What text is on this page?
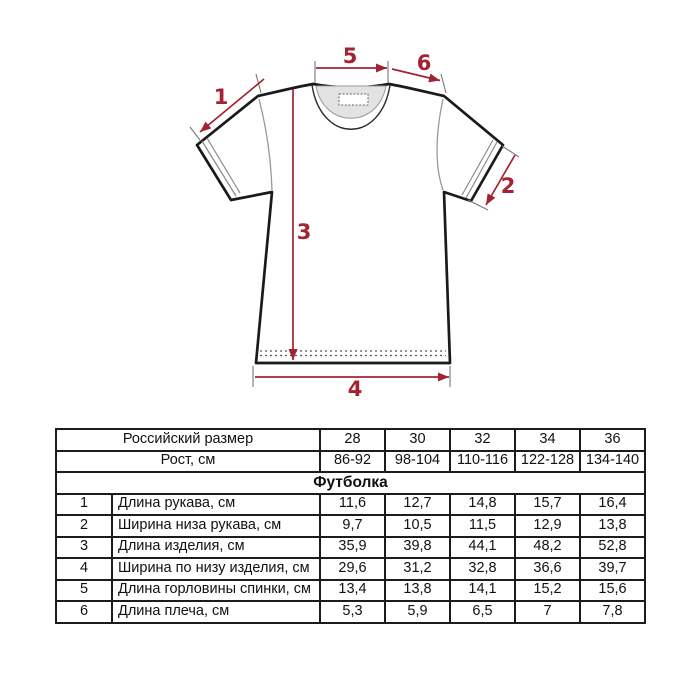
5	6
1
2
3
4
Российский размер		28	30	32	34	36
Рост, см		86-92	98-104	110-116	122-128	134-140
Футболка						
1	Длина рукава, см	11,6	12,7	14,8	15,7	16,4
2	Ширина низа рукава, см	9,7	10,5	11,5	12,9	13,8
3	Длина изделия, см	35,9	39,8	44,1	48,2	52,8
4	Ширина по низу изделия, см	29,6	31,2	32,8	36,6	39,7
5	Длина горловины спинки, см	13,4	13,8	14,1	15,2	15,6
6	Длина плеча, см	5,3	5,9	6,5	7	7,8
